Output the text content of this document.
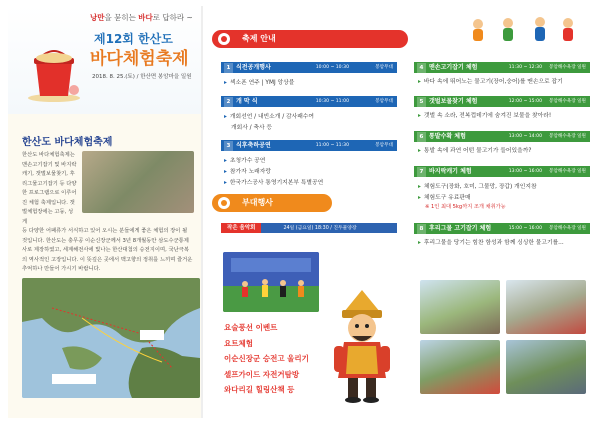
낭만을 묻히는 바다로 답하라 ~
제12회 한산도
바다체험축제
2018. 8. 25.(토) / 한산면 봉암마을 일원
한산도 바다체험축제
한산도 바다체험축제는 맨손고기잡기 및 바지락 캐기, 갯벌보물찾기, 후리그물고기잡기 등 다양한 프로그램으로 이루어진 체험 축제입니다. 갯벌체험장에는 고둥, 성게
등 다양한 어패류가 서식하고 있어 오시는 분들에게 좋은 체험의 장이 될 것입니다. 한산도는 충무공 이순신장군께서 3년 8개월동안 삼도수군통제사로 제장하였고, 세계해전사에 빛나는 한산대첩의 승전지이며, 국난극복의 역사적인 고장입니다. 이 뜻깊은 곳에서 맥고향의 정취를 느끼며 즐거운 추억하나 만들어 가시기 바랍니다.
축제 안내
1 식전공개행사	10:00 ~ 10:30	봉암무대
▸ 섹소폰 연주 | YMJ 앙상블
2 개 막 식	10:30 ~ 11:00	봉암무대
▸ 개회선언 / 내빈소개 / 감사패수여
개회사 / 축사 등
3 식후축하공연	11:00 ~ 11:30	봉암무대
▸ 초청가수 공연
▸ 참가자 노래자랑
▸ 한국가스공사 통영기지본부 특별공연
부대행사
작은 음악회	24일 (금요일) 18:30 / 진두물양장
요술풍선 이벤트
요트체험
이순신장군 승전고 울리기
셀프가이드 자전거탐방
와다리길 힐링산책 등
4 맨손고기잡기 체험	11:30 ~ 12:30 봉암해수욕장 일원
▸ 바다 속에 뛰어노는 물고기(장어,숭어)를 맨손으로 잡기
5 갯벌보물찾기 체험	12:00 ~ 15:00 봉암해수욕장 일원
▸ 갯벌 속 소라, 전복껍데기에 숨겨진 보물을 찾아라!
6 통발수확 체험	13:00 ~ 14:00 봉암해수욕장 일원
▸ 통발 속에 과연 어떤 물고기가 들어있을까?
7 바지락캐기 체험	13:00 ~ 16:00 봉암해수욕장 일원
▸ 체험도구(장화, 호미, 그물망, 장갑) 개인지참
▸ 체험도구 유료판매
※ 1인 최대 5kg까지 조개 채취가능
8 후리그물 고기잡기 체험	15:00 ~ 16:00 봉암해수욕장 일원
▸ 후리그물을 당기는 힘찬 함성과 함께 싱싱한 물고기를...
